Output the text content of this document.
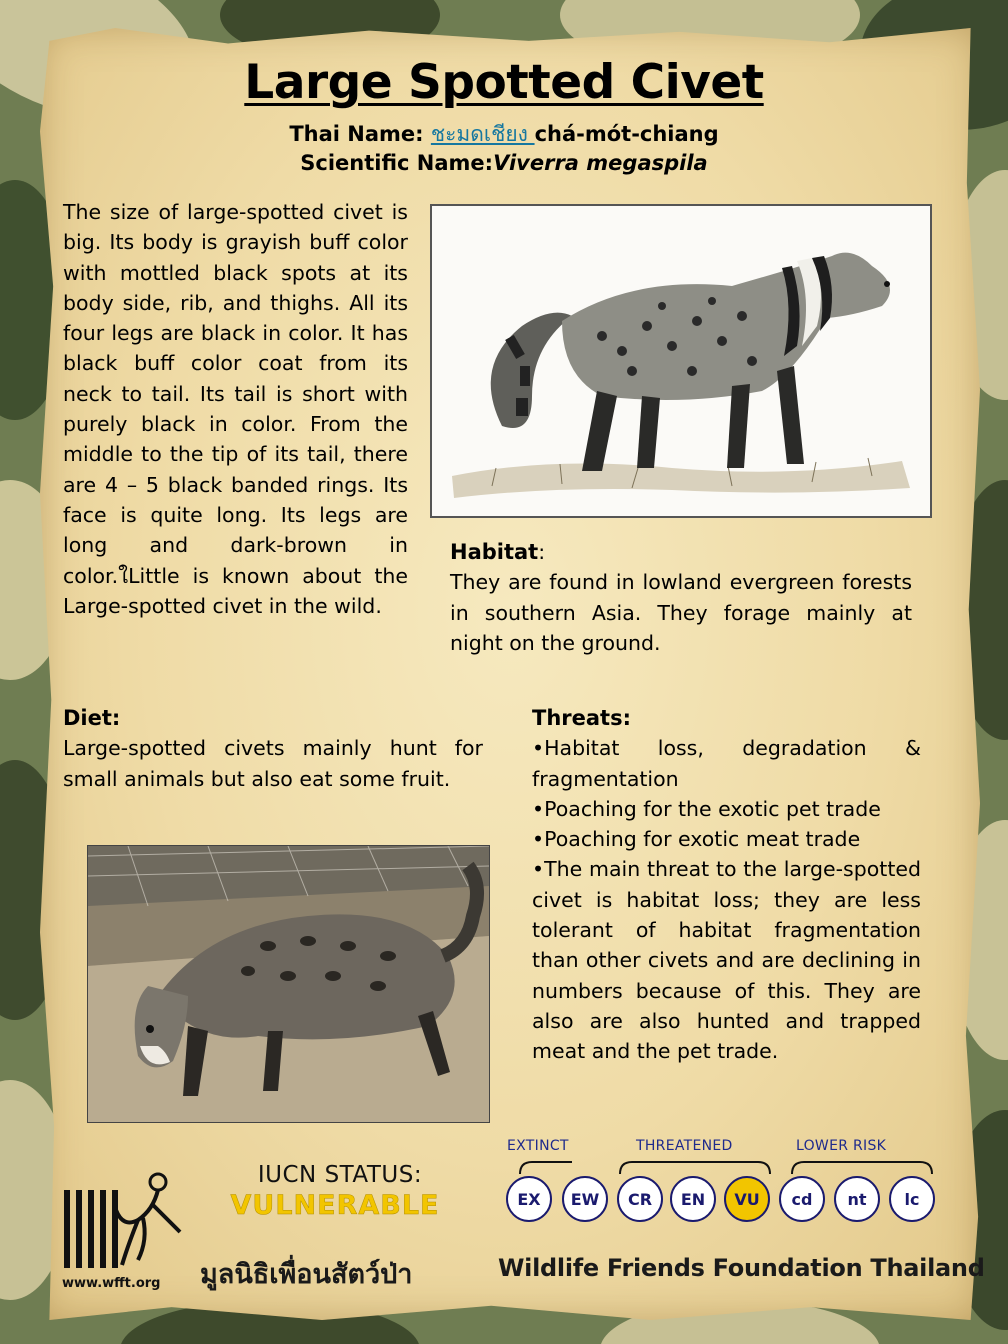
Large Spotted Civet
Thai Name: ชะมดเชียง chá-mót-chiang
Scientific Name:Viverra megaspila
The size of large-spotted civet is big. Its body is grayish buff color with mottled black spots at its body side, rib, and thighs. All its four legs are black in color. It has black buff color coat from its neck to tail. Its tail is short with purely black in color. From the middle to the tip of its tail, there are 4 – 5 black banded rings. Its face is quite long. Its legs are long and dark-brown in color.ใLittle is known about the Large-spotted civet in the wild.
Habitat:
They are found in lowland evergreen forests in southern Asia. They forage mainly at night on the ground.
Diet:
Large-spotted civets mainly hunt for small animals but also eat some fruit.
Threats:
•Habitat loss, degradation & fragmentation
•Poaching for the exotic pet trade
•Poaching for exotic meat trade
•The main threat to the large-spotted civet is habitat loss; they are less tolerant of habitat fragmentation than other civets and are declining in numbers because of this. They are also are also hunted and trapped meat and the pet trade.
IUCN STATUS:
VULNERABLE
EXTINCT	THREATENED	LOWER RISK
EX	EW	CR	EN	VU	cd	nt	lc
www.wfft.org มูลนิธิเพื่อนสัตว์ป่า	Wildlife Friends Foundation Thailand
